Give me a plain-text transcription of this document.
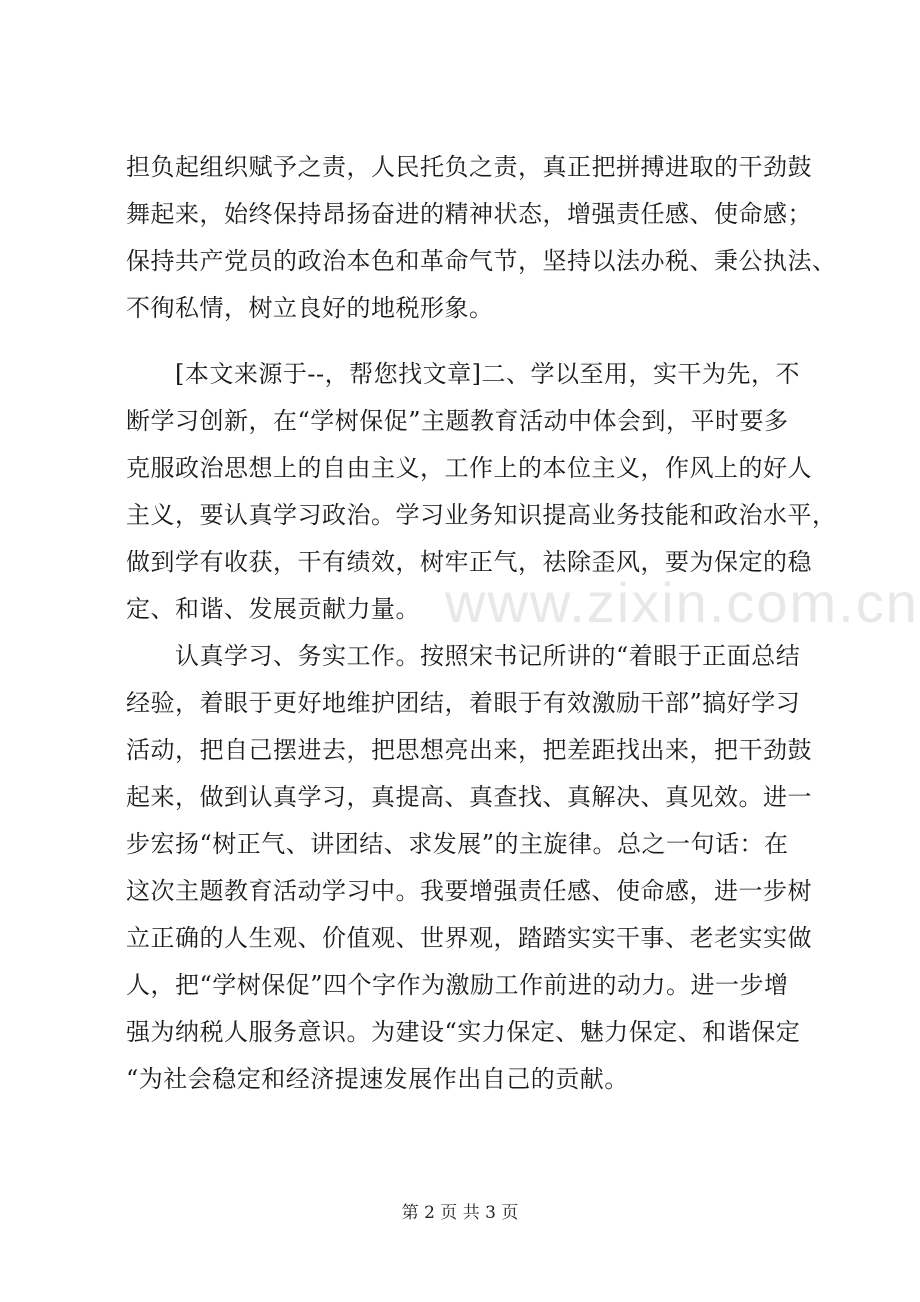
担负起组织赋予之责，人民托负之责，真正把拼搏进取的干劲鼓
舞起来，始终保持昂扬奋进的精神状态，增强责任感、使命感；
保持共产党员的政治本色和革命气节，坚持以法办税、秉公执法、
不徇私情，树立良好的地税形象。
　　[本文来源于--，帮您找文章]二、学以至用，实干为先，不
断学习创新，在“学树保促”主题教育活动中体会到，平时要多
克服政治思想上的自由主义，工作上的本位主义，作风上的好人
主义，要认真学习政治。学习业务知识提高业务技能和政治水平，
做到学有收获，干有绩效，树牢正气，祛除歪风，要为保定的稳
定、和谐、发展贡献力量。
　　认真学习、务实工作。按照宋书记所讲的“着眼于正面总结
经验，着眼于更好地维护团结，着眼于有效激励干部”搞好学习
活动，把自己摆进去，把思想亮出来，把差距找出来，把干劲鼓
起来，做到认真学习，真提高、真查找、真解决、真见效。进一
步宏扬“树正气、讲团结、求发展”的主旋律。总之一句话：在
这次主题教育活动学习中。我要增强责任感、使命感，进一步树
立正确的人生观、价值观、世界观，踏踏实实干事、老老实实做
人，把“学树保促”四个字作为激励工作前进的动力。进一步增
强为纳税人服务意识。为建设“实力保定、魅力保定、和谐保定
“为社会稳定和经济提速发展作出自己的贡献。
www.zixin.com.cn
第 2 页 共 3 页
